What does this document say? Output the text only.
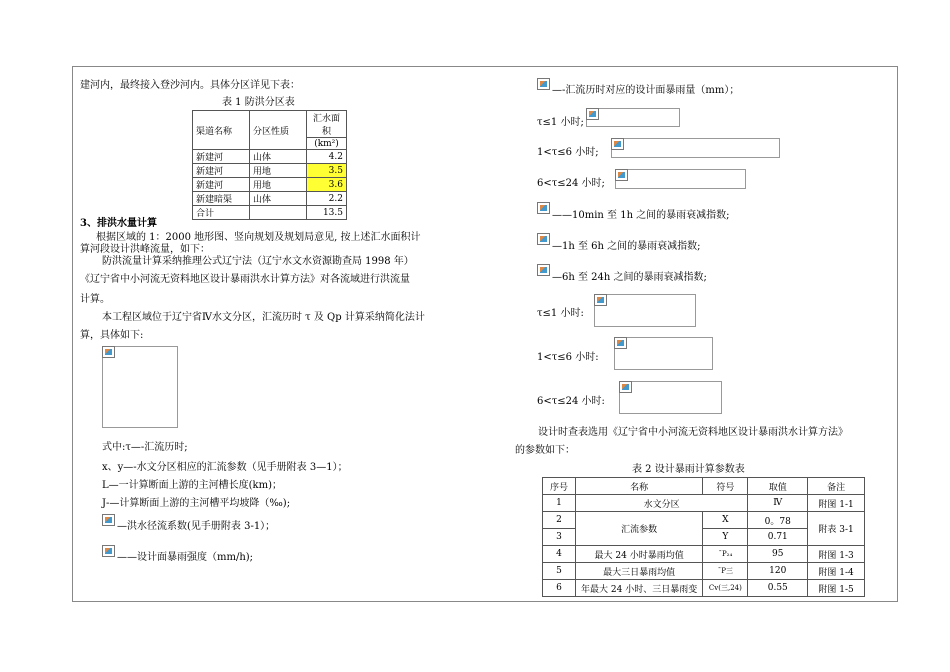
建河内，最终接入登沙河内。具体分区详见下表：
表 1 防洪分区表
渠道名称	分区性质	汇水面积
		(km²)
新建河	山体	4.2
新建河	用地	3.5
新建河	用地	3.6
新建暗渠	山体	2.2
合计		13.5
3、排洪水量计算
根据区域的 1：2000 地形图、竖向规划及规划局意见, 按上述汇水面积计
算河段设计洪峰流量，如下：
防洪流量计算采纳推理公式辽宁法（辽宁水文水资源勘查局 1998 年）
《辽宁省中小河流无资料地区设计暴雨洪水计算方法》对各流域进行洪流量
计算。
本工程区域位于辽宁省Ⅳ水文分区，汇流历时 τ 及 Qp 计算采纳简化法计
算，具体如下:
式中:τ—-汇流历时;
x、y—-水文分区相应的汇流参数（见手册附表 3—1）；
L—一计算断面上游的主河槽长度(km)；
J-—计算断面上游的主河槽平均坡降（‰);
—洪水径流系数(见手册附表 3-1）；
——设计面暴雨强度（mm/h);
—-汇流历时对应的设计面暴雨量（mm）；
τ≤1 小时;
1<τ≤6 小时;
6<τ≤24 小时;
——10min 至 1h 之间的暴雨衰减指数;
—1h 至 6h 之间的暴雨衰减指数;
—6h 至 24h 之间的暴雨衰减指数;
τ≤1 小时:
1<τ≤6 小时:
6<τ≤24 小时:
设计时查表选用《辽宁省中小河流无资料地区设计暴雨洪水计算方法》
的参数如下：
表 2 设计暴雨计算参数表
序号	名称	符号	取值	备注
1	水文分区		Ⅳ	附图 1-1
2	汇流参数	X	0。78	附表 3-1
3		Y	0.71	
4	最大 24 小时暴雨均值	¯P₂₄	95	附图 1-3
5	最大三日暴雨均值	¯P三	120	附图 1-4
6	年最大 24 小时、三日暴雨变	Cv(三,24)	0.55	附图 1-5
